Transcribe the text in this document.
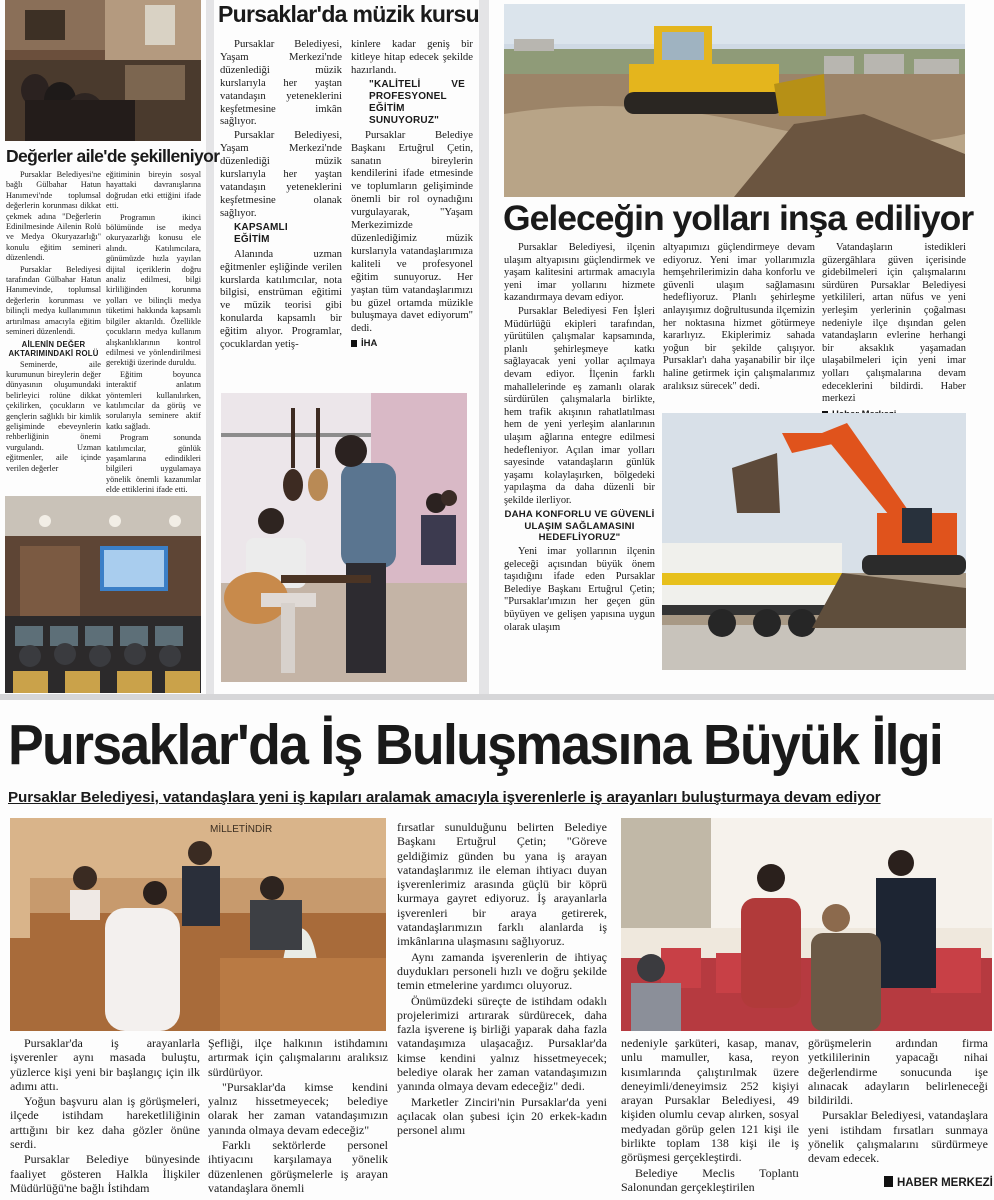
Değerler aile'de şekilleniyor

Pursaklar Belediyesi'ne bağlı Gülbahar Hatun Hanımevi'nde toplumsal değerlerin korunması dikkat çekmek adına "Değerlerin Edinilmesinde Ailenin Rolü ve Medya Okuryazarlığı" konulu eğitim semineri düzenlendi.

Pursaklar Belediyesi tarafından Gülbahar Hatun Hanımevinde, toplumsal değerlerin korunması ve bilinçli medya kullanımının artırılması amacıyla eğitim semineri düzenlendi.

AİLENİN DEĞER AKTARIMINDAKİ ROLÜ

Seminerde, aile kurumunun bireylerin değer dünyasının oluşumundaki belirleyici rolüne dikkat çekilirken, çocukların ve gençlerin sağlıklı bir kimlik gelişiminde ebeveynlerin rehberliğinin önemi vurgulandı. Uzman eğitmenler, aile içinde verilen değerler

eğitiminin bireyin sosyal hayattaki davranışlarına doğrudan etki ettiğini ifade etti.

Programın ikinci bölümünde ise medya okuryazarlığı konusu ele alındı. Katılımcılara, günümüzde hızla yayılan dijital içeriklerin doğru analiz edilmesi, bilgi kirliliğinden korunma yolları ve bilinçli medya tüketimi hakkında kapsamlı bilgiler aktarıldı. Özellikle çocukların medya kullanım alışkanlıklarının kontrol edilmesi ve yönlendirilmesi gerektiği üzerinde duruldu.

Eğitim boyunca interaktif anlatım yöntemleri kullanılırken, katılımcılar da görüş ve sorularıyla seminere aktif katkı sağladı.

Program sonunda katılımcılar, günlük yaşamlarına edindikleri bilgileri uygulamaya yönelik önemli kazanımlar elde ettiklerini ifade etti.

Pursaklar'da müzik kursu

Pursaklar Belediyesi, Yaşam Merkezi'nde düzenlediği müzik kurslarıyla her yaştan vatandaşın yeteneklerini keşfetmesine imkân sağlıyor.

Pursaklar Belediyesi, Yaşam Merkezi'nde düzenlediği müzik kurslarıyla her yaştan vatandaşın yeteneklerini keşfetmesine olanak sağlıyor.

KAPSAMLI EĞİTİM

Alanında uzman eğitmenler eşliğinde verilen kurslarda katılımcılar, nota bilgisi, enstrüman eğitimi ve müzik teorisi gibi konularda kapsamlı bir eğitim alıyor. Programlar, çocuklardan yetiş-

kinlere kadar geniş bir kitleye hitap edecek şekilde hazırlandı.

"KALİTELİ VE PROFESYONEL EĞİTİM SUNUYORUZ"

Pursaklar Belediye Başkanı Ertuğrul Çetin, sanatın bireylerin kendilerini ifade etmesinde ve toplumların gelişiminde önemli bir rol oynadığını vurgulayarak, "Yaşam Merkezimizde düzenlediğimiz müzik kurslarıyla vatandaşlarımıza kaliteli ve profesyonel eğitim sunuyoruz. Her yaştan tüm vatandaşlarımızı bu güzel ortamda müzikle buluşmaya davet ediyorum" dedi.

İHA
Geleceğin yolları inşa ediliyor

Pursaklar Belediyesi, ilçenin ulaşım altyapısını güçlendirmek ve yaşam kalitesini artırmak amacıyla yeni imar yollarını hizmete kazandırmaya devam ediyor.

Pursaklar Belediyesi Fen İşleri Müdürlüğü ekipleri tarafından, yürütülen çalışmalar kapsamında, planlı şehirleşmeye katkı sağlayacak yeni yollar açılmaya devam ediyor. İlçenin farklı mahallelerinde eş zamanlı olarak sürdürülen çalışmalarla birlikte, hem trafik akışının rahatlatılması hem de yeni yerleşim alanlarının ulaşım ağlarına entegre edilmesi hedefleniyor. Açılan imar yolları sayesinde vatandaşların günlük yaşamı kolaylaşırken, bölgedeki yapılaşma da daha düzenli bir şekilde ilerliyor.

DAHA KONFORLU VE GÜVENLİ ULAŞIM SAĞLAMASINI HEDEFLİYORUZ"

Yeni imar yollarının ilçenin geleceği açısından büyük önem taşıdığını ifade eden Pursaklar Belediye Başkanı Ertuğrul Çetin; "Pursaklar'ımızın her geçen gün büyüyen ve gelişen yapısına uygun olarak ulaşım

altyapımızı güçlendirmeye devam ediyoruz. Yeni imar yollarımızla hemşehrilerimizin daha konforlu ve güvenli ulaşım sağlamasını hedefliyoruz. Planlı şehirleşme anlayışımız doğrultusunda ilçemizin her noktasına hizmet götürmeye kararlıyız. Ekiplerimiz sahada yoğun bir şekilde çalışıyor. Pursaklar'ı daha yaşanabilir bir ilçe haline getirmek için çalışmalarımız aralıksız sürecek" dedi.

Vatandaşların istedikleri güzergâhlara güven içerisinde gidebilmeleri için çalışmalarını sürdüren Pursaklar Belediyesi yetkilileri, artan nüfus ve yeni yerleşim yerlerinin çoğalması nedeniyle ilçe dışından gelen vatandaşların evlerine herhangi bir aksaklık yaşamadan ulaşabilmeleri için yeni imar yolları çalışmalarına devam edeceklerini bildirdi. Haber merkezi

Pursaklar'da İş Buluşmasına Büyük İlgi
Pursaklar Belediyesi, vatandaşlara yeni iş kapıları aralamak amacıyla işverenlerle iş arayanları buluşturmaya devam ediyor
MİLLETİNDİR	fırsatlar sunulduğunu belirten Belediye Başkanı Ertuğrul Çetin; "Göreve geldiğimiz günden bu yana iş arayan vatandaşlarımız ile eleman ihtiyacı duyan işverenlerimiz arasında güçlü bir köprü kurmaya gayret ediyoruz. İş arayanlarla işverenleri bir araya getirerek, vatandaşlarımızın farklı alanlarda iş imkânlarına ulaşmasını sağlıyoruz.

Aynı zamanda işverenlerin de ihtiyaç duydukları personeli hızlı ve doğru şekilde temin etmelerine yardımcı oluyoruz.

Önümüzdeki süreçte de istihdam odaklı projelerimizi artırarak sürdürecek, daha fazla işverene iş birliği yaparak daha fazla vatandaşımıza ulaşacağız. Pursaklar'da kimse kendini yalnız hissetmeyecek; belediye olarak her zaman vatandaşımızın yanında olmaya devam edeceğiz" dedi.

Marketler Zinciri'nin Pursaklar'da yeni açılacak olan şubesi için 20 erkek-kadın personel alımı

Pursaklar'da iş arayanlarla işverenler aynı masada buluştu, yüzlerce kişi yeni bir başlangıç için ilk adımı attı.

Yoğun başvuru alan iş görüşmeleri, ilçede istihdam hareketliliğinin arttığını bir kez daha gözler önüne serdi.

Pursaklar Belediye bünyesinde faaliyet gösteren Halkla İlişkiler Müdürlüğü'ne bağlı İstihdam

Şefliği, ilçe halkının istihdamını artırmak için çalışmalarını aralıksız sürdürüyor.

"Pursaklar'da kimse kendini yalnız hissetmeyecek; belediye olarak her zaman vatandaşımızın yanında olmaya devam edeceğiz"

Farklı sektörlerde personel ihtiyacını karşılamaya yönelik düzenlenen görüşmelerle iş arayan vatandaşlara önemli

nedeniyle şarküteri, kasap, manav, unlu mamuller, kasa, reyon kısımlarında çalıştırılmak üzere deneyimli/deneyimsiz 252 kişiyi arayan Pursaklar Belediyesi, 49 kişiden olumlu cevap alırken, sosyal medyadan görüp gelen 121 kişi ile birlikte toplam 138 kişi ile iş görüşmesi gerçekleştirdi.

Belediye Meclis Toplantı Salonundan gerçekleştirilen

görüşmelerin ardından firma yetkililerinin yapacağı nihai değerlendirme sonucunda işe alınacak adayların belirleneceği bildirildi.

Pursaklar Belediyesi, vatandaşlara yeni istihdam fırsatları sunmaya yönelik çalışmalarını sürdürmeye devam edecek.

HABER MERKEZİ
